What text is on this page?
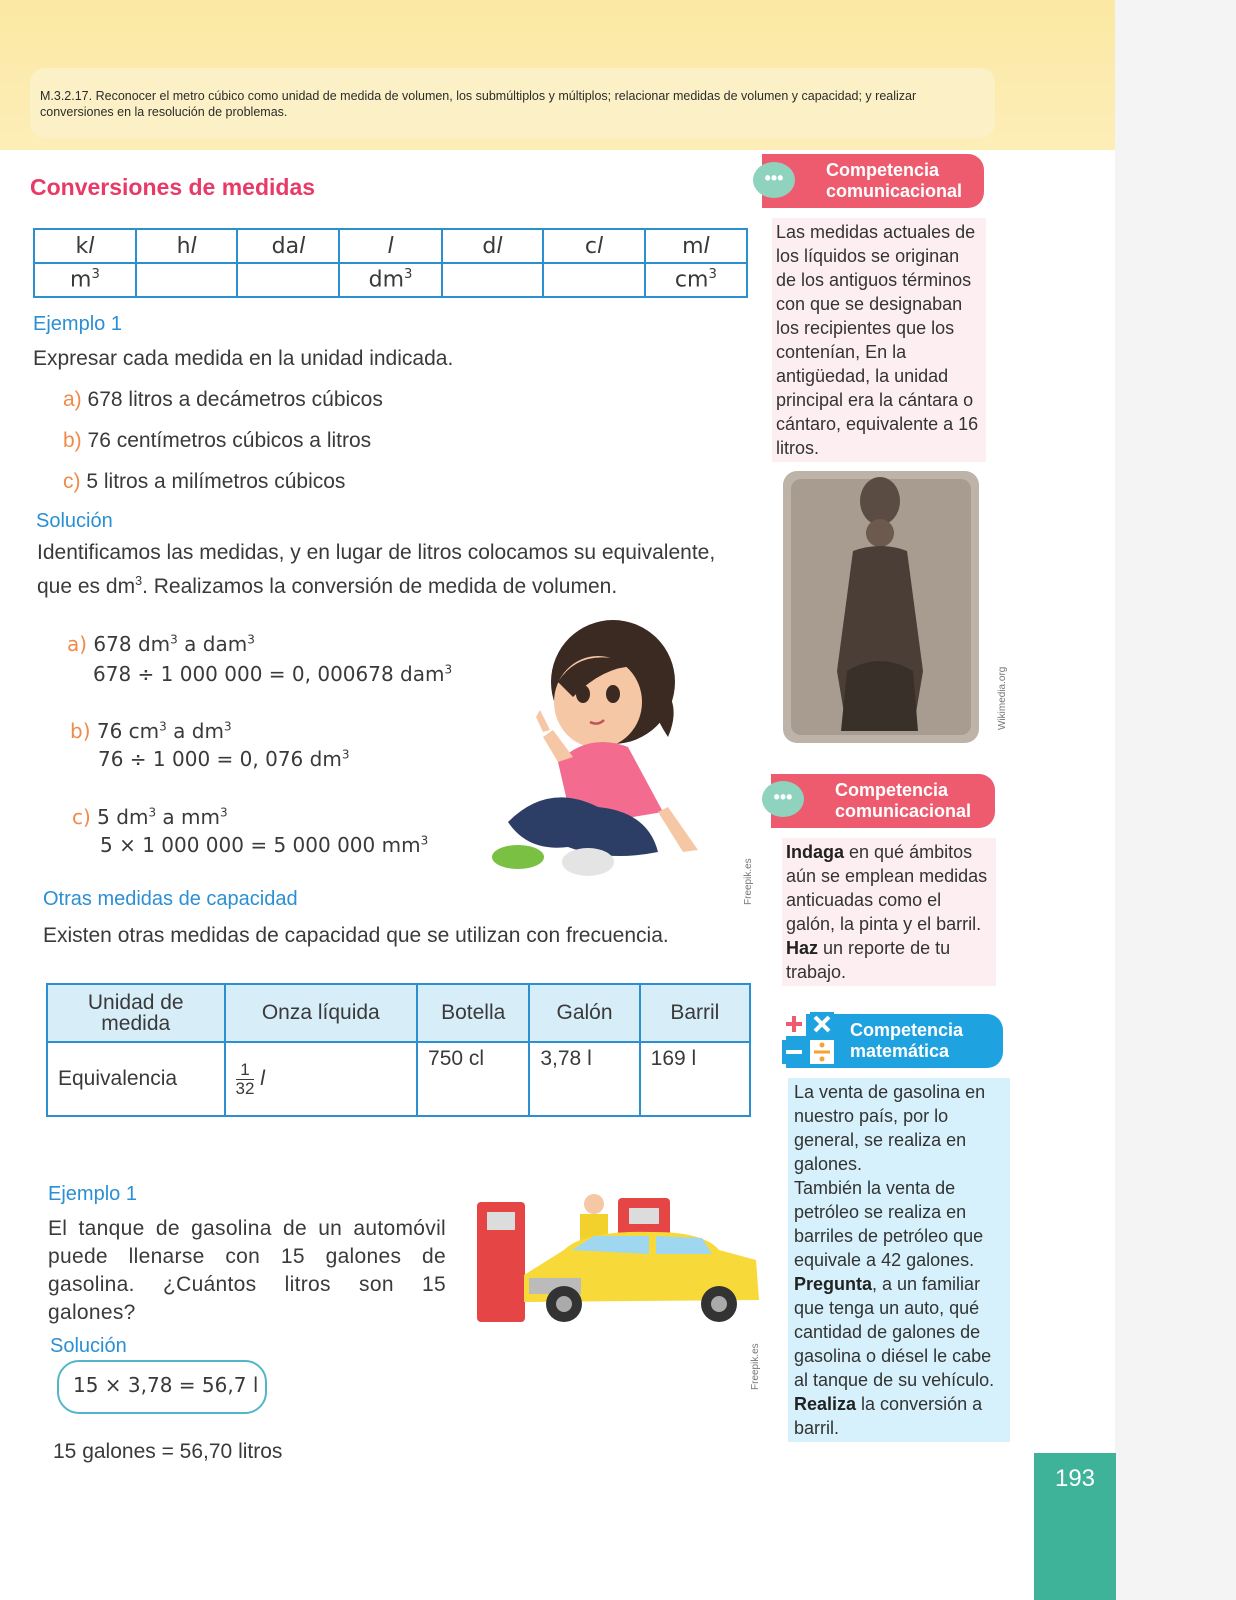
M.3.2.17. Reconocer el metro cúbico como unidad de medida de volumen, los submúltiplos y múltiplos; relacionar medidas de volumen y capacidad; y realizar conversiones en la resolución de problemas.
Conversiones de medidas
kl	hl	dal	l	dl	cl	ml
$m^3$			$dm^3$			$cm^3$
Ejemplo 1
Expresar cada medida en la unidad indicada.
a) 678 litros a decámetros cúbicos
b) 76 centímetros cúbicos a litros
c) 5 litros a milímetros cúbicos
Solución
Identificamos las medidas, y en lugar de litros colocamos su equivalente,
que es $dm^3$. Realizamos la conversión de medida de volumen.
a) 678 $dm^3$ a dam$^3$
678 ÷ 1 000 000 = 0, 000678 dam$^3$
b) 76 $cm^3$ a $dm^3$
76 ÷ 1 000 = 0, 076 $dm^3$
c) 5 $dm^3$ a $mm^3$
5 × 1 000 000 = 5 000 000 $mm^3$
Freepik.es
Otras medidas de capacidad
Existen otras medidas de capacidad que se utilizan con frecuencia.
Unidad de medida	Onza líquida	Botella	Galón	Barril
Equivalencia	$\frac{1}{32}$ l	750 cl	3,78 l	169 l
Ejemplo 1
El tanque de gasolina de un automóvil puede llenarse con 15 galones de gasolina. ¿Cuántos litros son 15 galones?
Freepik.es
Solución
15 × 3,78 = 56,7 l
15 galones = 56,70 litros
Competencia
comunicacional
•••
Las medidas actuales de los líquidos se originan de los antiguos términos con que se designaban los recipientes que los contenían, En la antigüedad, la unidad principal era la cántara o cántaro, equivalente a 16 litros.
Wikimedia.org
Competencia
comunicacional
•••
Indaga en qué ámbitos aún se emplean medidas anticuadas como el galón, la pinta y el barril. Haz un reporte de tu trabajo.
Competencia
matemática
La venta de gasolina en nuestro país, por lo general, se realiza en galones.
También la venta de petróleo se realiza en barriles de petróleo que equivale a 42 galones.
Pregunta, a un familiar que tenga un auto, qué cantidad de galones de gasolina o diésel le cabe al tanque de su vehículo.
Realiza la conversión a barril.
193
